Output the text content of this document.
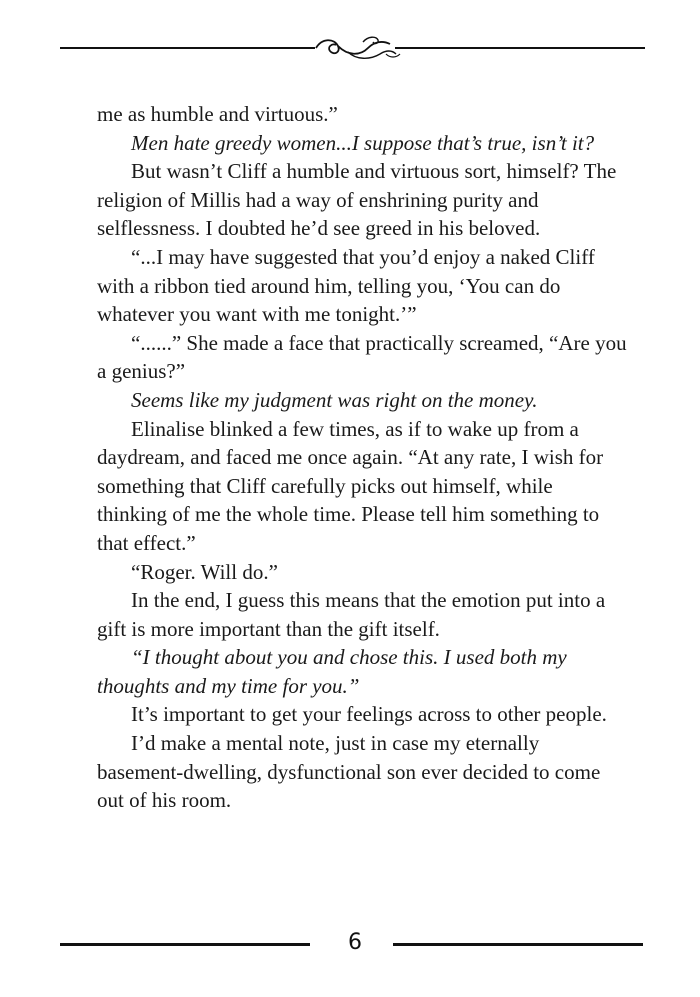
me as humble and virtuous.”

Men hate greedy women...I suppose that’s true, isn’t it?

But wasn’t Cliff a humble and virtuous sort, himself? The religion of Millis had a way of enshrining purity and selflessness. I doubted he’d see greed in his beloved.

“...I may have suggested that you’d enjoy a naked Cliff with a ribbon tied around him, telling you, ‘You can do whatever you want with me tonight.’”

“......” She made a face that practically screamed, “Are you a genius?”

Seems like my judgment was right on the money.

Elinalise blinked a few times, as if to wake up from a daydream, and faced me once again. “At any rate, I wish for something that Cliff carefully picks out himself, while thinking of me the whole time. Please tell him something to that effect.”

“Roger. Will do.”

In the end, I guess this means that the emotion put into a gift is more important than the gift itself.

“I thought about you and chose this. I used both my thoughts and my time for you.”

It’s important to get your feelings across to other people.

I’d make a mental note, just in case my eternally basement-dwelling, dysfunctional son ever decided to come out of his room.

6
